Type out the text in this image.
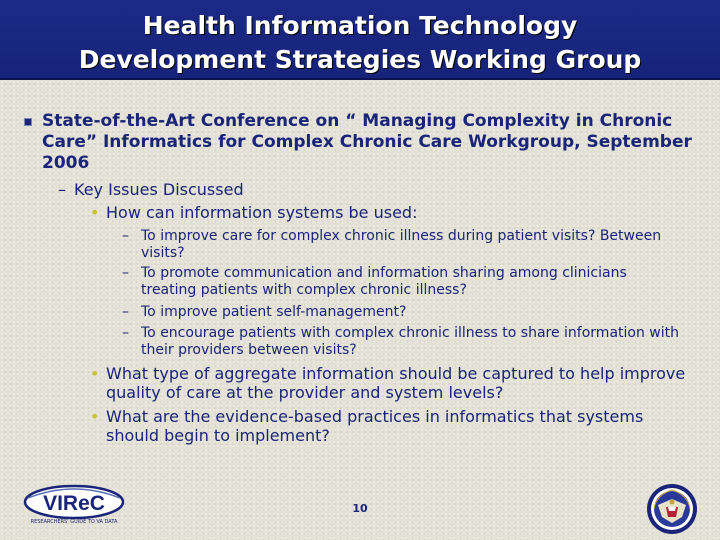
Health Information Technology
Development Strategies Working Group
State-of-the-Art Conference on “ Managing Complexity in Chronic Care” Informatics for Complex Chronic Care Workgroup, September 2006
– Key Issues Discussed
• How can information systems be used:
– To improve care for complex chronic illness during patient visits? Between visits?
– To promote communication and information sharing among clinicians treating patients with complex chronic illness?
– To improve patient self-management?
– To encourage patients with complex chronic illness to share information with their providers between visits?
• What type of aggregate information should be captured to help improve quality of care at the provider and system levels?
• What are the evidence-based practices in informatics that systems should begin to implement?
VIReC
RESEARCHERS' GUIDE TO VA DATA
10
